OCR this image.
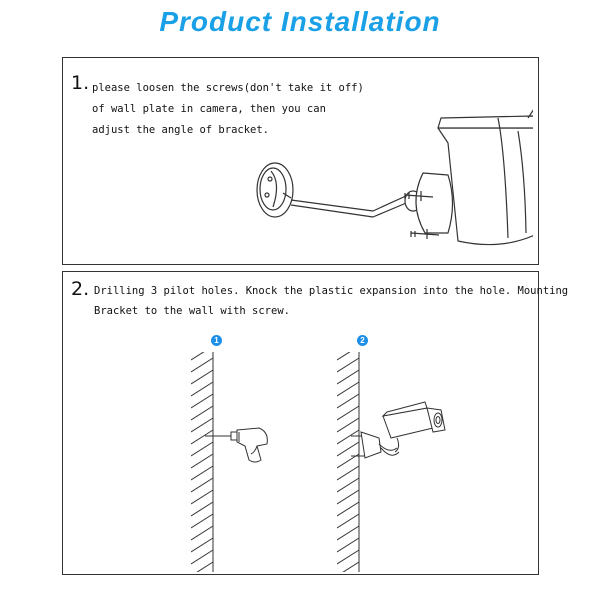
Product Installation
1. please loosen the screws(don't take it off)
of wall plate in camera, then you can
adjust the angle of bracket.
2. Drilling 3 pilot holes. Knock the plastic expansion into the hole. Mounting
Bracket to the wall with screw.
1	2
